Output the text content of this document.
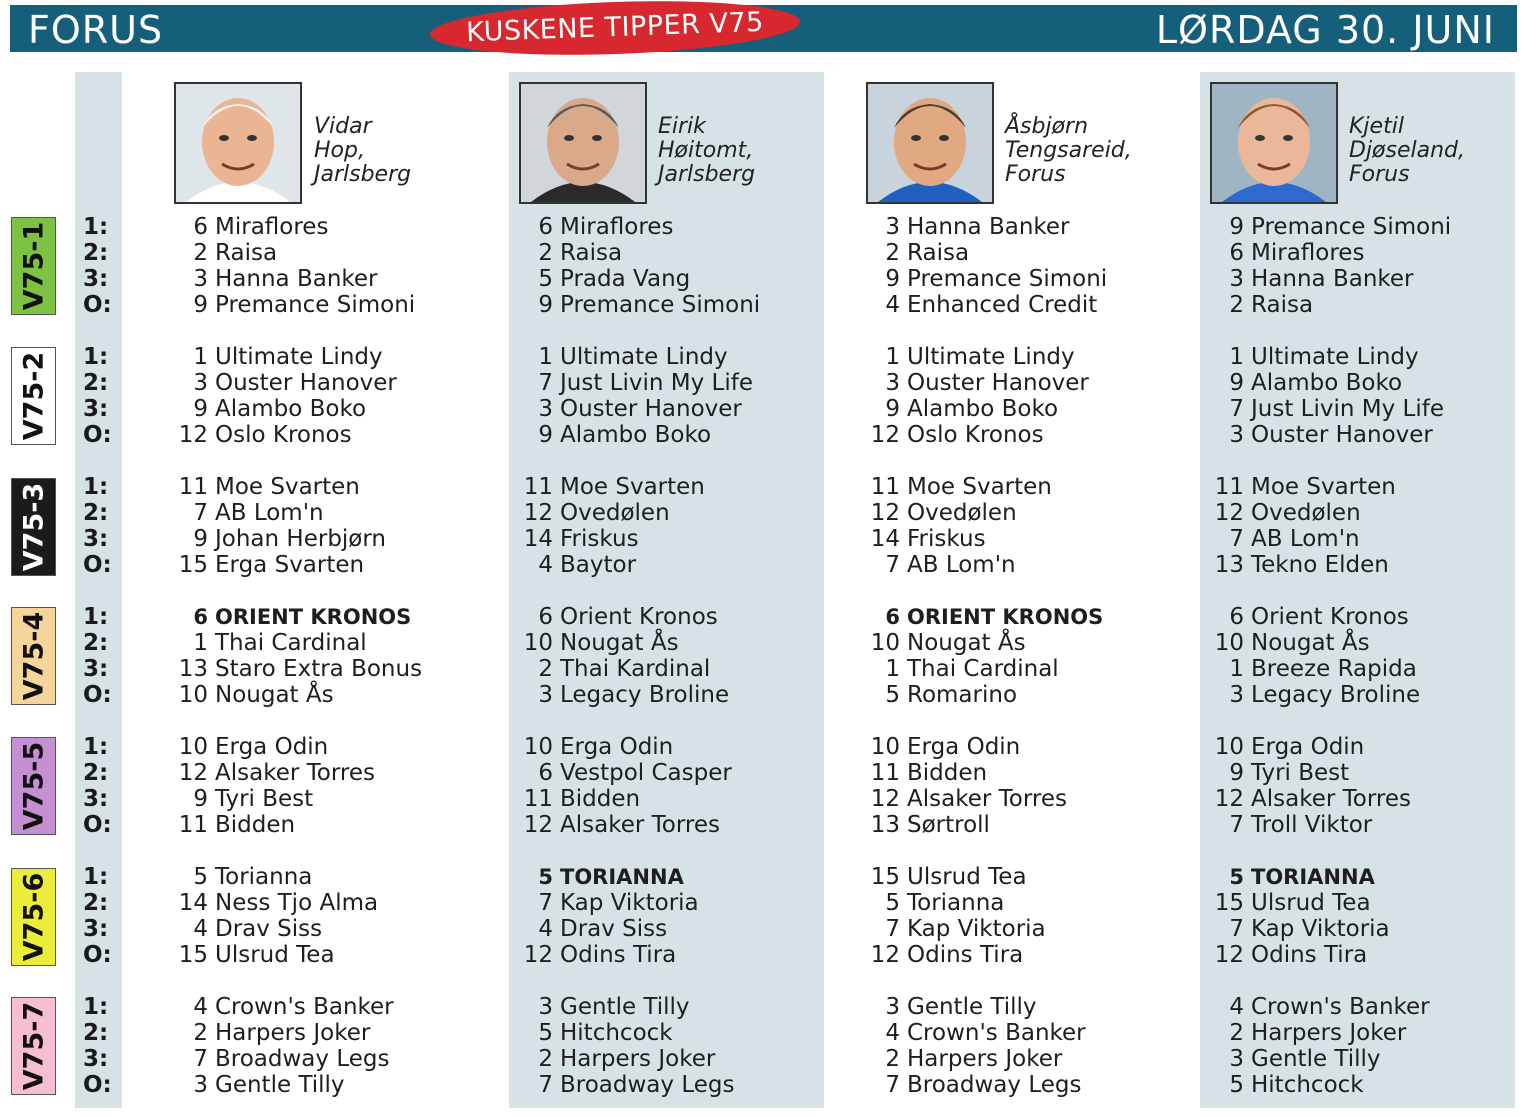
FORUS	LØRDAG 30. JUNI
KUSKENE TIPPER V75
V75-1 1:
2:
3:
O:
V75-2 1:
2:
3:
O:
V75-3 1:
2:
3:
O:
V75-4 1:
2:
3:
O:
V75-5 1:
2:
3:
O:
V75-6 1:
2:
3:
O:
V75-7 1:
2:
3:
O:
Vidar
Hop,
Jarlsberg
6 Miraflores
2 Raisa
3 Hanna Banker
9 Premance Simoni
1 Ultimate Lindy
3 Ouster Hanover
9 Alambo Boko
12 Oslo Kronos
11 Moe Svarten
7 AB Lom'n
9 Johan Herbjørn
15 Erga Svarten
6 ORIENT KRONOS
1 Thai Cardinal
13 Staro Extra Bonus
10 Nougat Ås
10 Erga Odin
12 Alsaker Torres
9 Tyri Best
11 Bidden
5 Torianna
14 Ness Tjo Alma
4 Drav Siss
15 Ulsrud Tea
4 Crown's Banker
2 Harpers Joker
7 Broadway Legs
3 Gentle Tilly
Eirik
Høitomt,
Jarlsberg
6 Miraflores
2 Raisa
5 Prada Vang
9 Premance Simoni
1 Ultimate Lindy
7 Just Livin My Life
3 Ouster Hanover
9 Alambo Boko
11 Moe Svarten
12 Ovedølen
14 Friskus
4 Baytor
6 Orient Kronos
10 Nougat Ås
2 Thai Kardinal
3 Legacy Broline
10 Erga Odin
6 Vestpol Casper
11 Bidden
12 Alsaker Torres
5 TORIANNA
7 Kap Viktoria
4 Drav Siss
12 Odins Tira
3 Gentle Tilly
5 Hitchcock
2 Harpers Joker
7 Broadway Legs
Åsbjørn
Tengsareid,
Forus
3 Hanna Banker
2 Raisa
9 Premance Simoni
4 Enhanced Credit
1 Ultimate Lindy
3 Ouster Hanover
9 Alambo Boko
12 Oslo Kronos
11 Moe Svarten
12 Ovedølen
14 Friskus
7 AB Lom'n
6 ORIENT KRONOS
10 Nougat Ås
1 Thai Cardinal
5 Romarino
10 Erga Odin
11 Bidden
12 Alsaker Torres
13 Sørtroll
15 Ulsrud Tea
5 Torianna
7 Kap Viktoria
12 Odins Tira
3 Gentle Tilly
4 Crown's Banker
2 Harpers Joker
7 Broadway Legs
Kjetil
Djøseland,
Forus
9 Premance Simoni
6 Miraflores
3 Hanna Banker
2 Raisa
1 Ultimate Lindy
9 Alambo Boko
7 Just Livin My Life
3 Ouster Hanover
11 Moe Svarten
12 Ovedølen
7 AB Lom'n
13 Tekno Elden
6 Orient Kronos
10 Nougat Ås
1 Breeze Rapida
3 Legacy Broline
10 Erga Odin
9 Tyri Best
12 Alsaker Torres
7 Troll Viktor
5 TORIANNA
15 Ulsrud Tea
7 Kap Viktoria
12 Odins Tira
4 Crown's Banker
2 Harpers Joker
3 Gentle Tilly
5 Hitchcock
